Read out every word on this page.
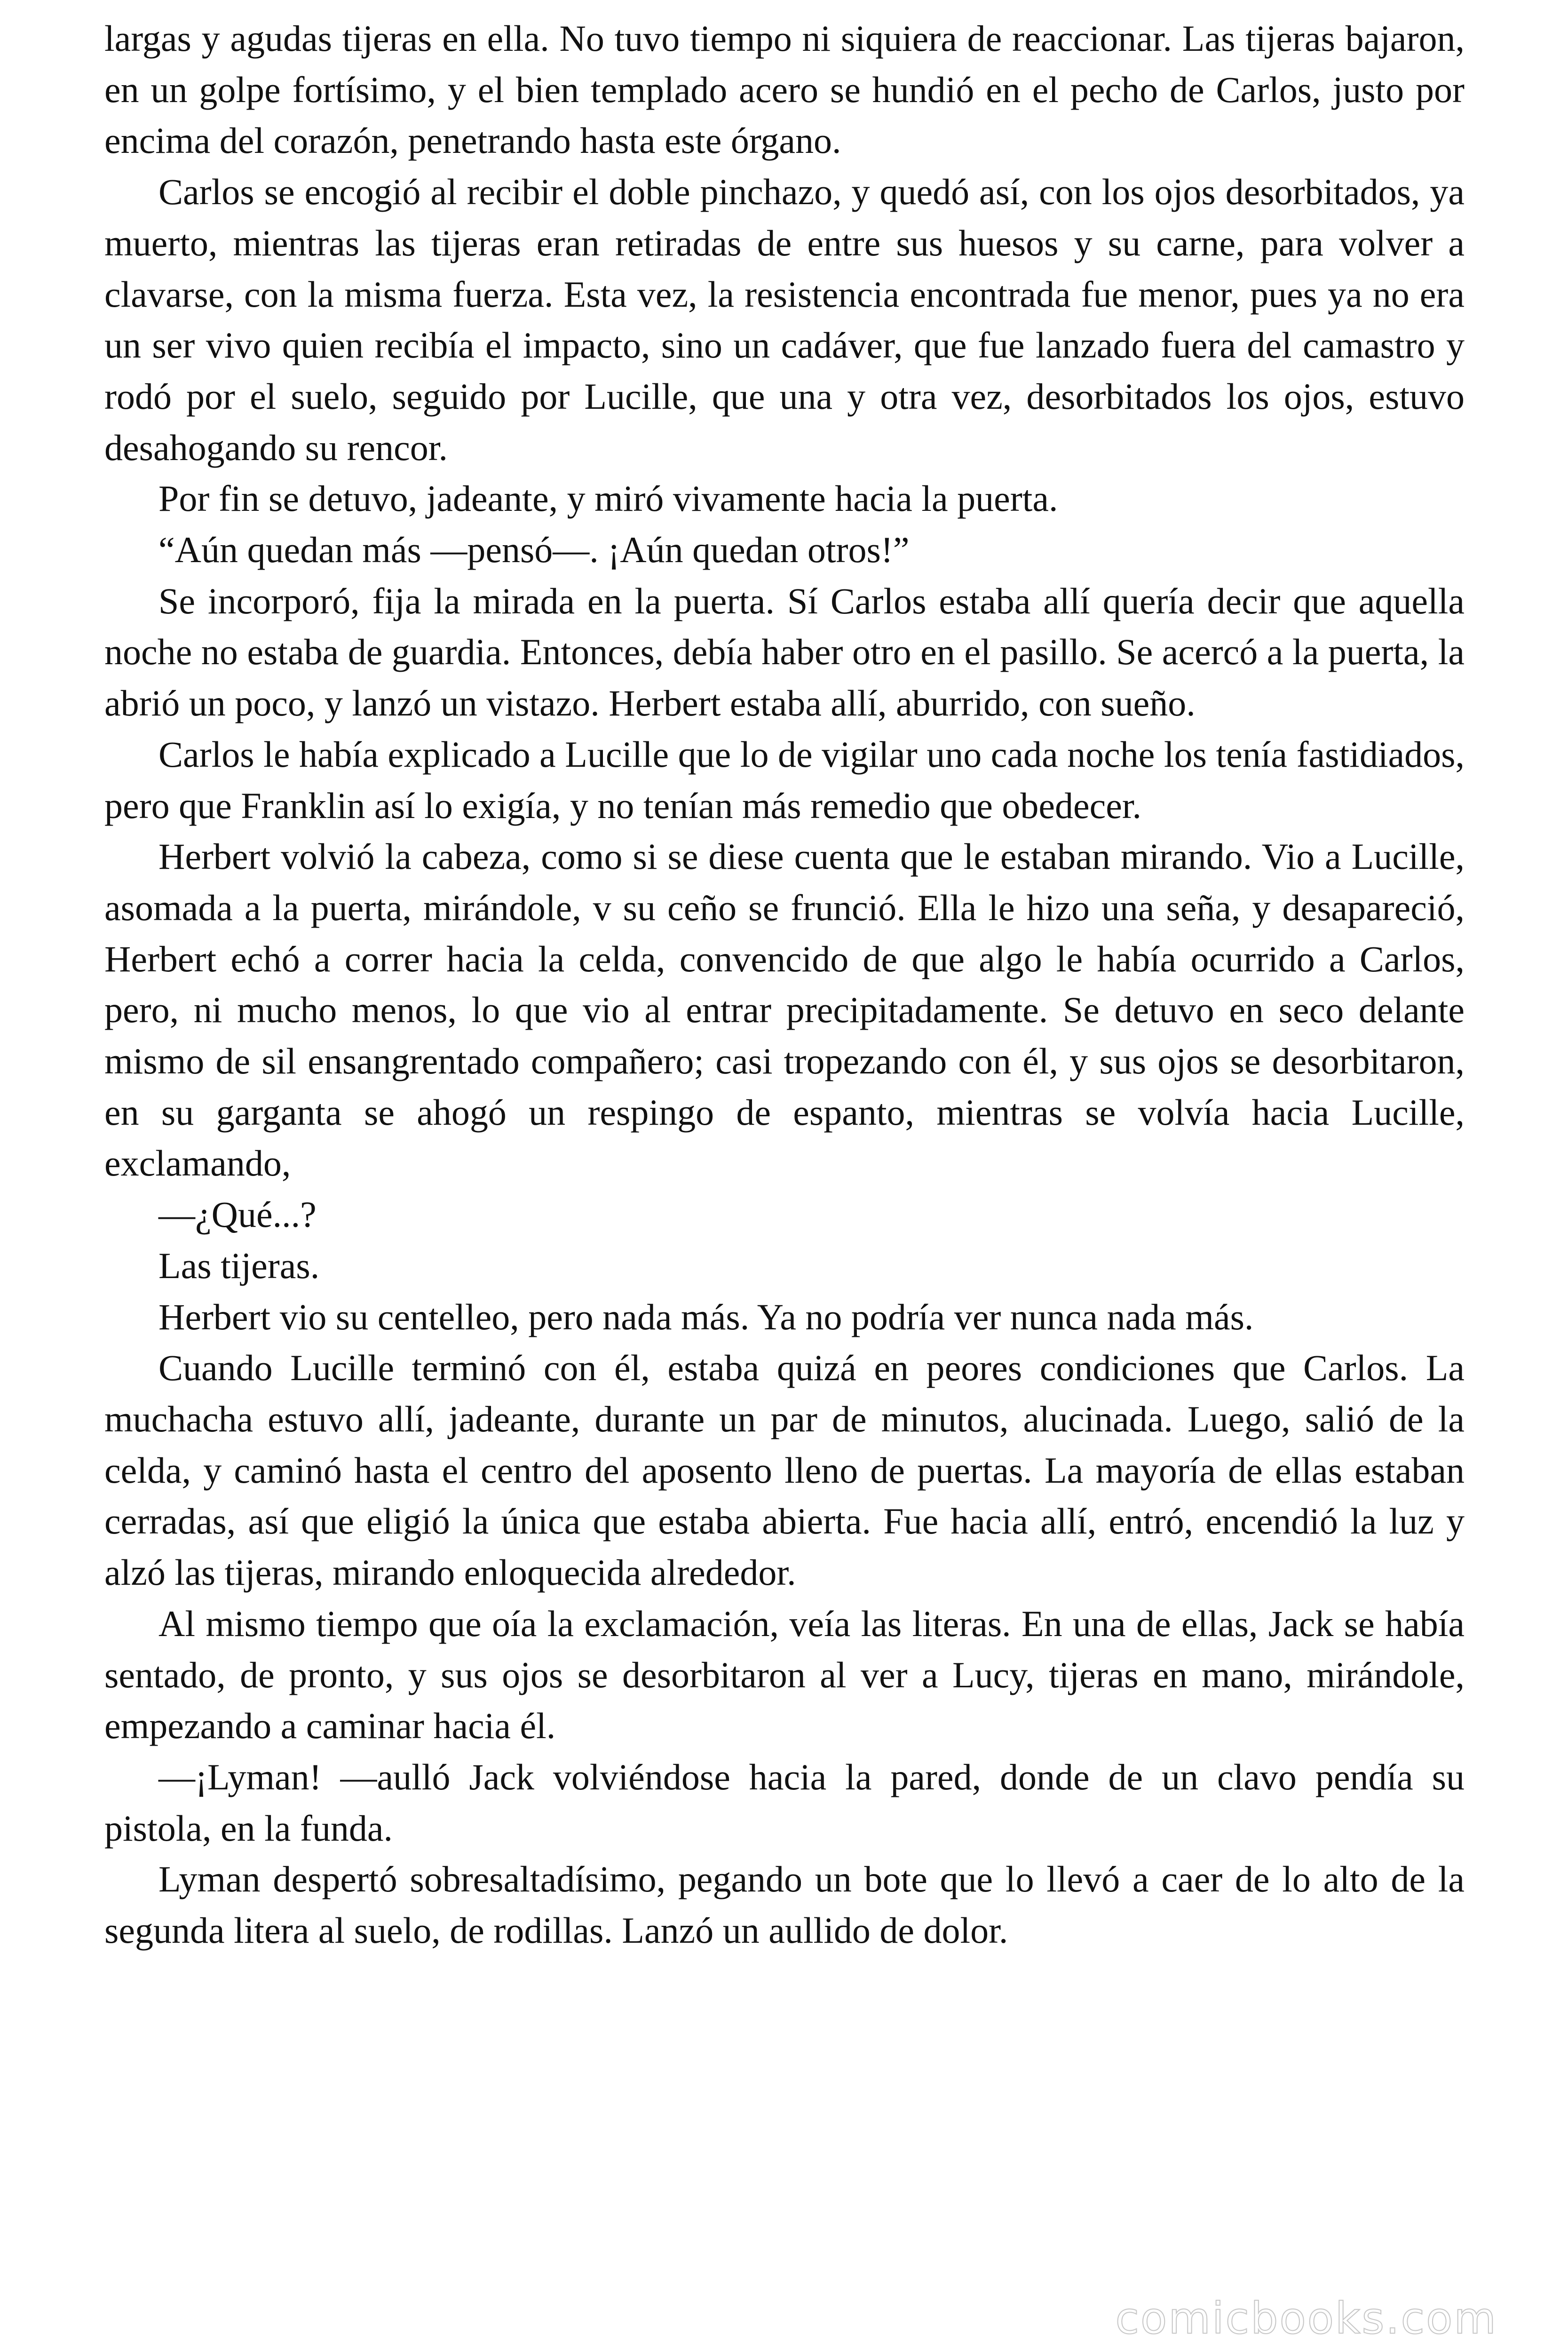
largas y agudas tijeras en ella. No tuvo tiempo ni siquiera de reaccionar. Las tijeras bajaron, en un golpe fortísimo, y el bien templado acero se hundió en el pecho de Carlos, justo por encima del corazón, penetrando hasta este órgano.

Carlos se encogió al recibir el doble pinchazo, y quedó así, con los ojos desorbitados, ya muerto, mientras las tijeras eran retiradas de entre sus huesos y su carne, para volver a clavarse, con la misma fuerza. Esta vez, la resistencia encontrada fue menor, pues ya no era un ser vivo quien recibía el impacto, sino un cadáver, que fue lanzado fuera del camastro y rodó por el suelo, seguido por Lucille, que una y otra vez, desorbitados los ojos, estuvo desahogando su rencor.

Por fin se detuvo, jadeante, y miró vivamente hacia la puerta.

“Aún quedan más —pensó—. ¡Aún quedan otros!”

Se incorporó, fija la mirada en la puerta. Sí Carlos estaba allí quería decir que aquella noche no estaba de guardia. Entonces, debía haber otro en el pasillo. Se acercó a la puerta, la abrió un poco, y lanzó un vistazo. Herbert estaba allí, aburrido, con sueño.

Carlos le había explicado a Lucille que lo de vigilar uno cada noche los tenía fastidiados, pero que Franklin así lo exigía, y no tenían más remedio que obedecer.

Herbert volvió la cabeza, como si se diese cuenta que le estaban mirando. Vio a Lucille, asomada a la puerta, mirándole, v su ceño se frunció. Ella le hizo una seña, y desapareció, Herbert echó a correr hacia la celda, convencido de que algo le había ocurrido a Carlos, pero, ni mucho menos, lo que vio al entrar precipitadamente. Se detuvo en seco delante mismo de sil ensangrentado compañero; casi tropezando con él, y sus ojos se desorbitaron, en su garganta se ahogó un respingo de espanto, mientras se volvía hacia Lucille, exclamando,

—¿Qué...?

Las tijeras.

Herbert vio su centelleo, pero nada más. Ya no podría ver nunca nada más.

Cuando Lucille terminó con él, estaba quizá en peores condiciones que Carlos. La muchacha estuvo allí, jadeante, durante un par de minutos, alucinada. Luego, salió de la celda, y caminó hasta el centro del aposento lleno de puertas. La mayoría de ellas estaban cerradas, así que eligió la única que estaba abierta. Fue hacia allí, entró, encendió la luz y alzó las tijeras, mirando enloquecida alrededor.

Al mismo tiempo que oía la exclamación, veía las literas. En una de ellas, Jack se había sentado, de pronto, y sus ojos se desorbitaron al ver a Lucy, tijeras en mano, mirándole, empezando a caminar hacia él.

—¡Lyman! —aulló Jack volviéndose hacia la pared, donde de un clavo pendía su pistola, en la funda.

Lyman despertó sobresaltadísimo, pegando un bote que lo llevó a caer de lo alto de la segunda litera al suelo, de rodillas. Lanzó un aullido de dolor.

comicbooks.com
